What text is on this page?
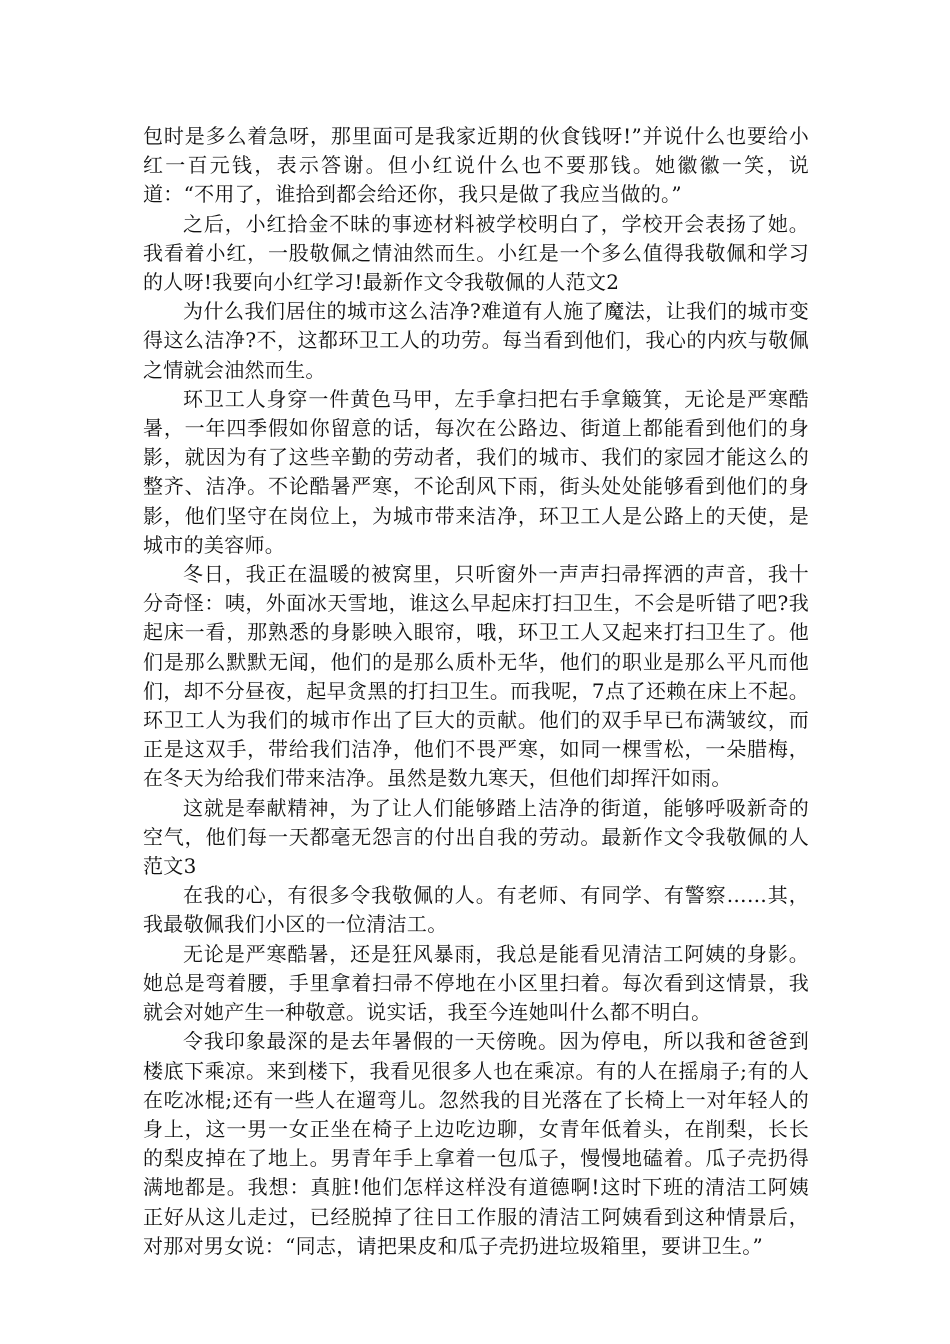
包时是多么着急呀，那里面可是我家近期的伙食钱呀!”并说什么也要给小红一百元钱，表示答谢。但小红说什么也不要那钱。她徽徽一笑，说道：“不用了，谁拾到都会给还你，我只是做了我应当做的。”

之后，小红拾金不昧的事迹材料被学校明白了，学校开会表扬了她。我看着小红，一股敬佩之情油然而生。小红是一个多么值得我敬佩和学习的人呀!我要向小红学习!最新作文令我敬佩的人范文2

为什么我们居住的城市这么洁净?难道有人施了魔法，让我们的城市变得这么洁净?不，这都环卫工人的功劳。每当看到他们，我心的内疚与敬佩之情就会油然而生。

环卫工人身穿一件黄色马甲，左手拿扫把右手拿簸箕，无论是严寒酷暑，一年四季假如你留意的话，每次在公路边、街道上都能看到他们的身影，就因为有了这些辛勤的劳动者，我们的城市、我们的家园才能这么的整齐、洁净。不论酷暑严寒，不论刮风下雨，街头处处能够看到他们的身影，他们坚守在岗位上，为城市带来洁净，环卫工人是公路上的天使，是城市的美容师。

冬日，我正在温暖的被窝里，只听窗外一声声扫帚挥洒的声音，我十分奇怪：咦，外面冰天雪地，谁这么早起床打扫卫生，不会是听错了吧?我起床一看，那熟悉的身影映入眼帘，哦，环卫工人又起来打扫卫生了。他们是那么默默无闻，他们的是那么质朴无华，他们的职业是那么平凡而他们，却不分昼夜，起早贪黑的打扫卫生。而我呢，7点了还赖在床上不起。环卫工人为我们的城市作出了巨大的贡献。他们的双手早已布满皱纹，而正是这双手，带给我们洁净，他们不畏严寒，如同一棵雪松，一朵腊梅，在冬天为给我们带来洁净。虽然是数九寒天，但他们却挥汗如雨。

这就是奉献精神，为了让人们能够踏上洁净的街道，能够呼吸新奇的空气，他们每一天都毫无怨言的付出自我的劳动。最新作文令我敬佩的人范文3

在我的心，有很多令我敬佩的人。有老师、有同学、有警察……其，我最敬佩我们小区的一位清洁工。

无论是严寒酷暑，还是狂风暴雨，我总是能看见清洁工阿姨的身影。她总是弯着腰，手里拿着扫帚不停地在小区里扫着。每次看到这情景，我就会对她产生一种敬意。说实话，我至今连她叫什么都不明白。

令我印象最深的是去年暑假的一天傍晚。因为停电，所以我和爸爸到楼底下乘凉。来到楼下，我看见很多人也在乘凉。有的人在摇扇子;有的人在吃冰棍;还有一些人在遛弯儿。忽然我的目光落在了长椅上一对年轻人的身上，这一男一女正坐在椅子上边吃边聊，女青年低着头，在削梨，长长的梨皮掉在了地上。男青年手上拿着一包瓜子，慢慢地磕着。瓜子壳扔得满地都是。我想：真脏!他们怎样这样没有道德啊!这时下班的清洁工阿姨正好从这儿走过，已经脱掉了往日工作服的清洁工阿姨看到这种情景后，对那对男女说：“同志，请把果皮和瓜子壳扔进垃圾箱里，要讲卫生。”
